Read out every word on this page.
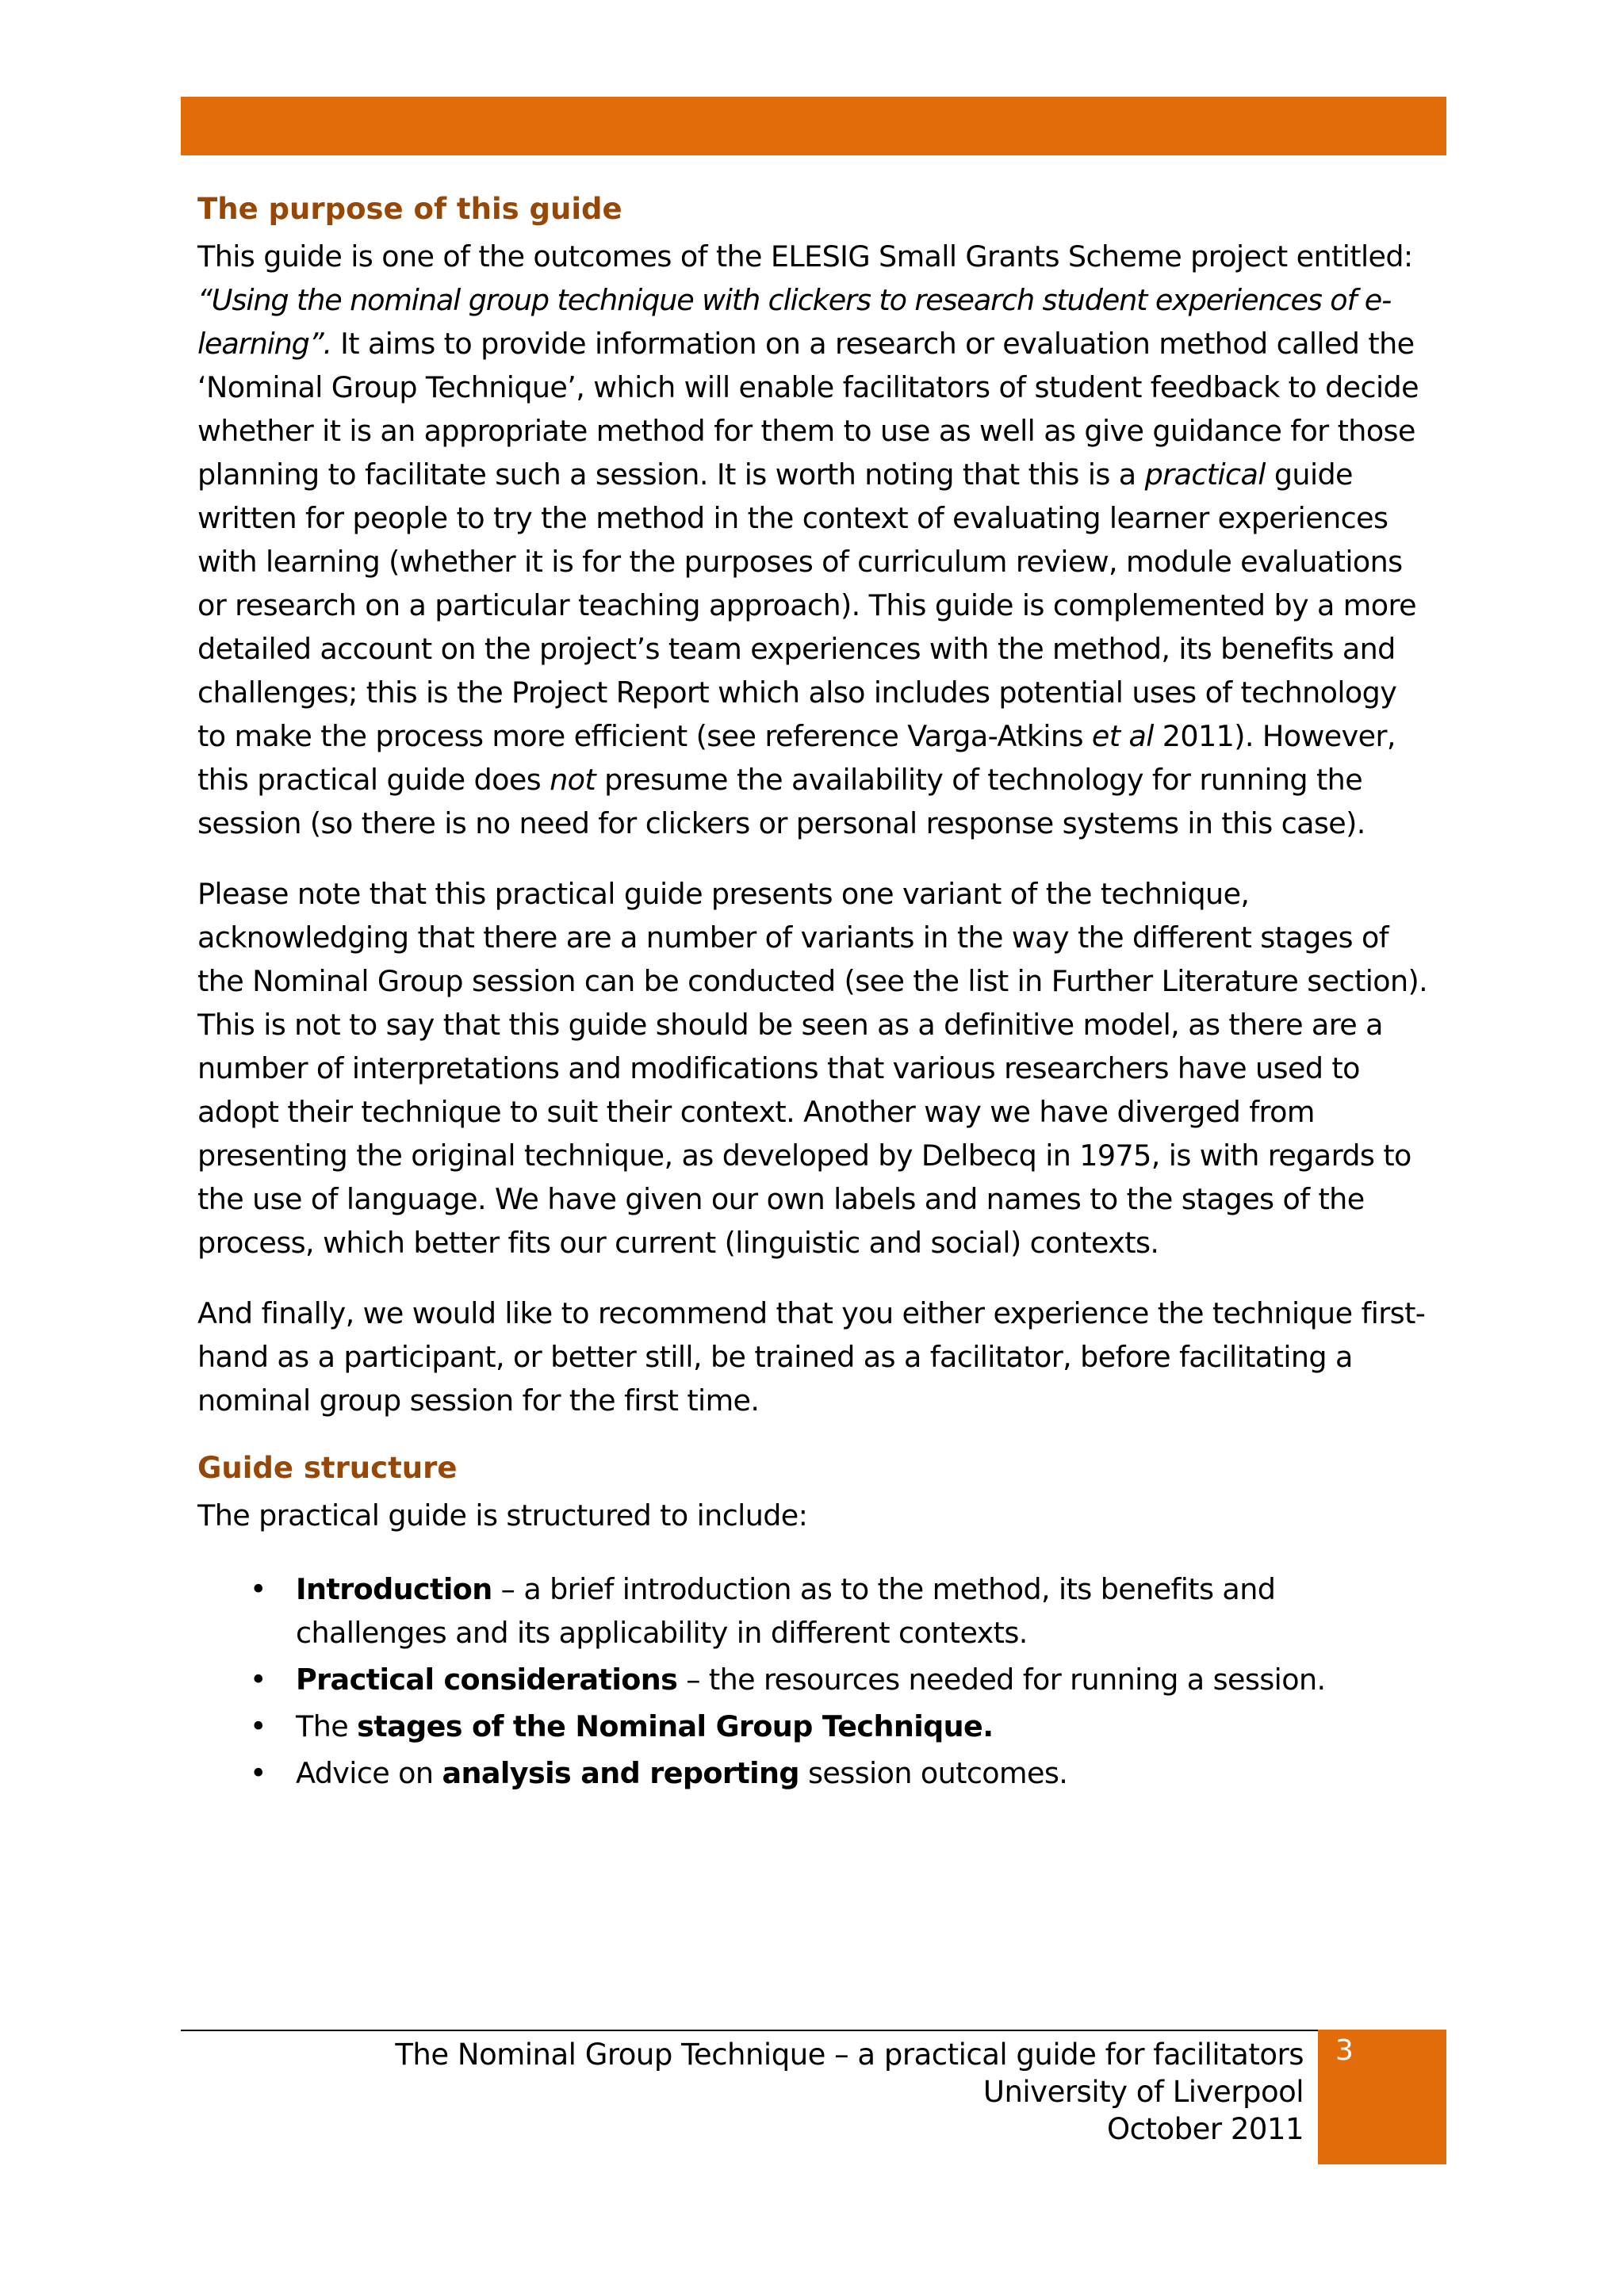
The purpose of this guide

This guide is one of the outcomes of the ELESIG Small Grants Scheme project entitled: “Using the nominal group technique with clickers to research student experiences of e-learning”. It aims to provide information on a research or evaluation method called the ‘Nominal Group Technique’, which will enable facilitators of student feedback to decide whether it is an appropriate method for them to use as well as give guidance for those planning to facilitate such a session. It is worth noting that this is a practical guide written for people to try the method in the context of evaluating learner experiences with learning (whether it is for the purposes of curriculum review, module evaluations or research on a particular teaching approach). This guide is complemented by a more detailed account on the project’s team experiences with the method, its benefits and challenges; this is the Project Report which also includes potential uses of technology to make the process more efficient (see reference Varga-Atkins et al 2011). However, this practical guide does not presume the availability of technology for running the session (so there is no need for clickers or personal response systems in this case).

Please note that this practical guide presents one variant of the technique, acknowledging that there are a number of variants in the way the different stages of the Nominal Group session can be conducted (see the list in Further Literature section). This is not to say that this guide should be seen as a definitive model, as there are a number of interpretations and modifications that various researchers have used to adopt their technique to suit their context. Another way we have diverged from presenting the original technique, as developed by Delbecq in 1975, is with regards to the use of language. We have given our own labels and names to the stages of the process, which better fits our current (linguistic and social) contexts.

And finally, we would like to recommend that you either experience the technique first-hand as a participant, or better still, be trained as a facilitator, before facilitating a nominal group session for the first time.

Guide structure

The practical guide is structured to include:

• Introduction – a brief introduction as to the method, its benefits and challenges and its applicability in different contexts.
• Practical considerations – the resources needed for running a session.
• The stages of the Nominal Group Technique.
• Advice on analysis and reporting session outcomes.
The Nominal Group Technique – a practical guide for facilitators
University of Liverpool
October 2011
3
